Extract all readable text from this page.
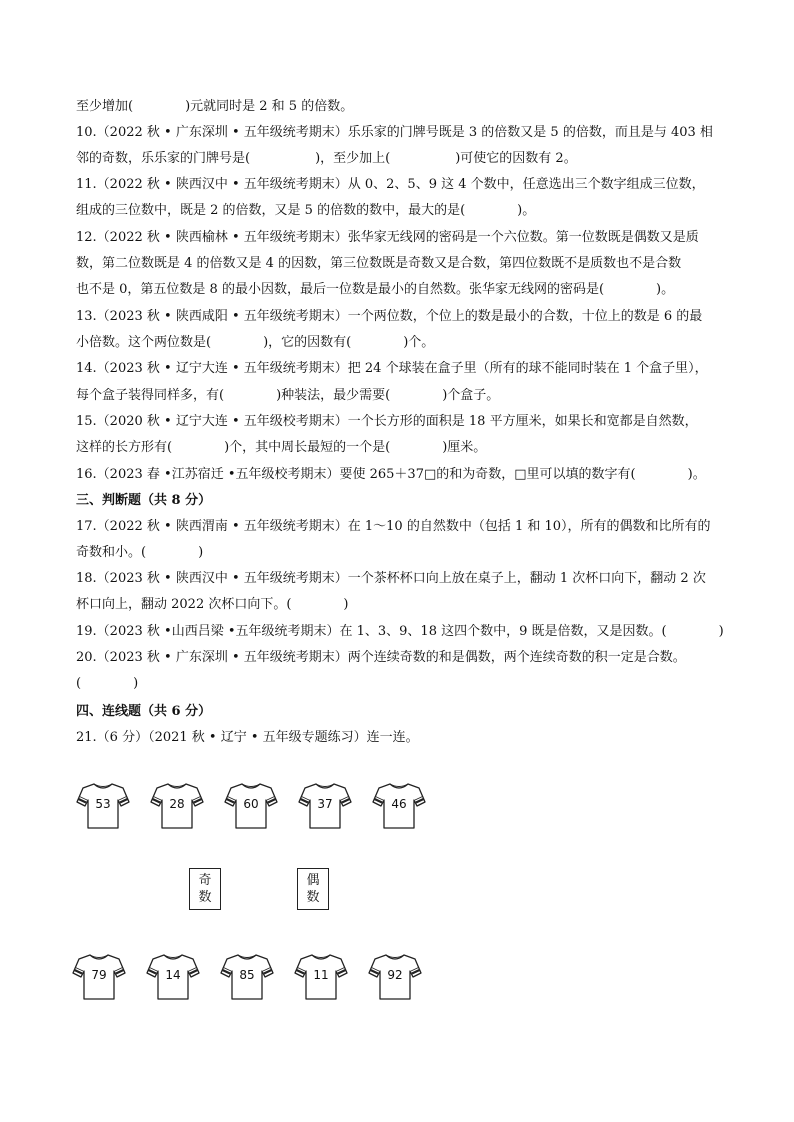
至少增加(　　　　)元就同时是 2 和 5 的倍数。
10.（2022 秋 • 广东深圳 • 五年级统考期末）乐乐家的门牌号既是 3 的倍数又是 5 的倍数，而且是与 403 相
邻的奇数，乐乐家的门牌号是(　　　　　)，至少加上(　　　　　)可使它的因数有 2。
11.（2022 秋 • 陕西汉中 • 五年级统考期末）从 0、2、5、9 这 4 个数中，任意选出三个数字组成三位数，
组成的三位数中，既是 2 的倍数，又是 5 的倍数的数中，最大的是(　　　　)。
12.（2022 秋 • 陕西榆林 • 五年级统考期末）张华家无线网的密码是一个六位数。第一位数既是偶数又是质
数，第二位数既是 4 的倍数又是 4 的因数，第三位数既是奇数又是合数，第四位数既不是质数也不是合数
也不是 0，第五位数是 8 的最小因数，最后一位数是最小的自然数。张华家无线网的密码是(　　　　)。
13.（2023 秋 • 陕西咸阳 • 五年级统考期末）一个两位数，个位上的数是最小的合数，十位上的数是 6 的最
小倍数。这个两位数是(　　　　)，它的因数有(　　　　)个。
14.（2023 秋 • 辽宁大连 • 五年级统考期末）把 24 个球装在盒子里（所有的球不能同时装在 1 个盒子里），
每个盒子装得同样多，有(　　　　)种装法，最少需要(　　　　)个盒子。
15.（2020 秋 • 辽宁大连 • 五年级校考期末）一个长方形的面积是 18 平方厘米，如果长和宽都是自然数，
这样的长方形有(　　　　)个，其中周长最短的一个是(　　　　)厘米。
16.（2023 春 •江苏宿迁 •五年级校考期末）要使 265＋37□的和为奇数，□里可以填的数字有(　　　　)。
三、判断题（共 8 分）
17.（2022 秋 • 陕西渭南 • 五年级统考期末）在 1～10 的自然数中（包括 1 和 10），所有的偶数和比所有的
奇数和小。(　　　　)
18.（2023 秋 • 陕西汉中 • 五年级统考期末）一个茶杯杯口向上放在桌子上，翻动 1 次杯口向下，翻动 2 次
杯口向上，翻动 2022 次杯口向下。(　　　　)
19.（2023 秋 •山西吕梁 •五年级统考期末）在 1、3、9、18 这四个数中，9 既是倍数，又是因数。(　　　　)
20.（2023 秋 • 广东深圳 • 五年级统考期末）两个连续奇数的和是偶数，两个连续奇数的积一定是合数。
(　　　　)
四、连线题（共 6 分）
21.（6 分）（2021 秋 • 辽宁 • 五年级专题练习）连一连。
53	28	60	37	46
奇
数
偶
数
79	14	85	11	92
